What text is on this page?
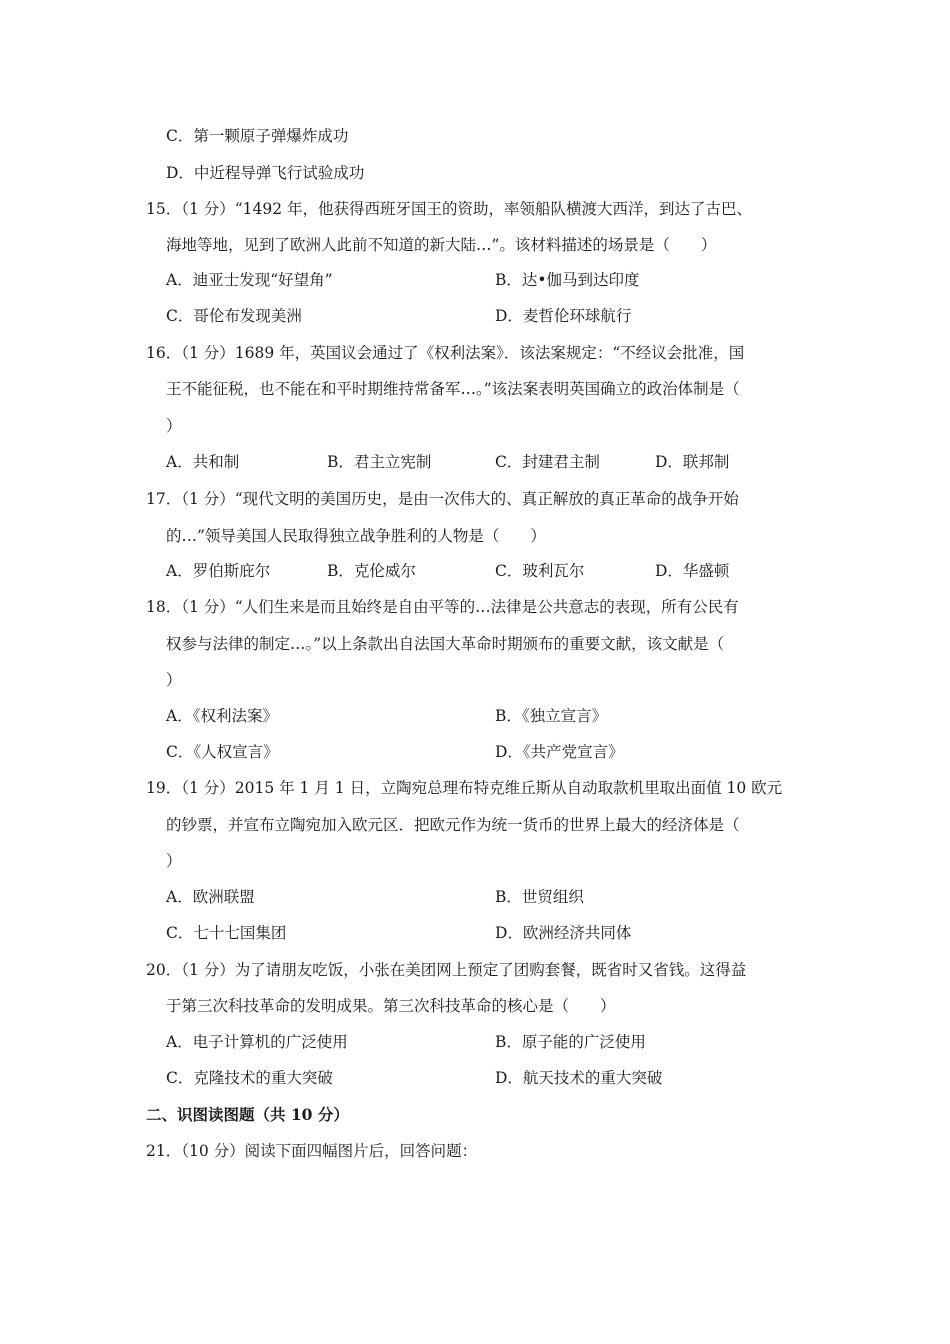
C．第一颗原子弹爆炸成功
D．中近程导弹飞行试验成功
15．（1 分）“1492 年，他获得西班牙国王的资助，率领船队横渡大西洋，到达了古巴、
海地等地，见到了欧洲人此前不知道的新大陆…”。该材料描述的场景是（　　）
A．迪亚士发现“好望角”	B．达•伽马到达印度
C．哥伦布发现美洲	D．麦哲伦环球航行
16．（1 分）1689 年，英国议会通过了《权利法案》．该法案规定：“不经议会批准，国
王不能征税，也不能在和平时期维持常备军…。”该法案表明英国确立的政治体制是（
）
A．共和制	B．君主立宪制	C．封建君主制	D．联邦制
17．（1 分）“现代文明的美国历史，是由一次伟大的、真正解放的真正革命的战争开始
的…”领导美国人民取得独立战争胜利的人物是（　　）
A．罗伯斯庇尔	B．克伦威尔	C．玻利瓦尔	D．华盛顿
18．（1 分）“人们生来是而且始终是自由平等的…法律是公共意志的表现，所有公民有
权参与法律的制定…。”以上条款出自法国大革命时期颁布的重要文献，该文献是（
）
A．《权利法案》	B．《独立宣言》
C．《人权宣言》	D．《共产党宣言》
19．（1 分）2015 年 1 月 1 日，立陶宛总理布特克维丘斯从自动取款机里取出面值 10 欧元
的钞票，并宣布立陶宛加入欧元区．把欧元作为统一货币的世界上最大的经济体是（
）
A．欧洲联盟	B．世贸组织
C．七十七国集团	D．欧洲经济共同体
20．（1 分）为了请朋友吃饭，小张在美团网上预定了团购套餐，既省时又省钱。这得益
于第三次科技革命的发明成果。第三次科技革命的核心是（　　）
A．电子计算机的广泛使用	B．原子能的广泛使用
C．克隆技术的重大突破	D．航天技术的重大突破
二、识图读图题（共 10 分）
21．（10 分）阅读下面四幅图片后，回答问题：
